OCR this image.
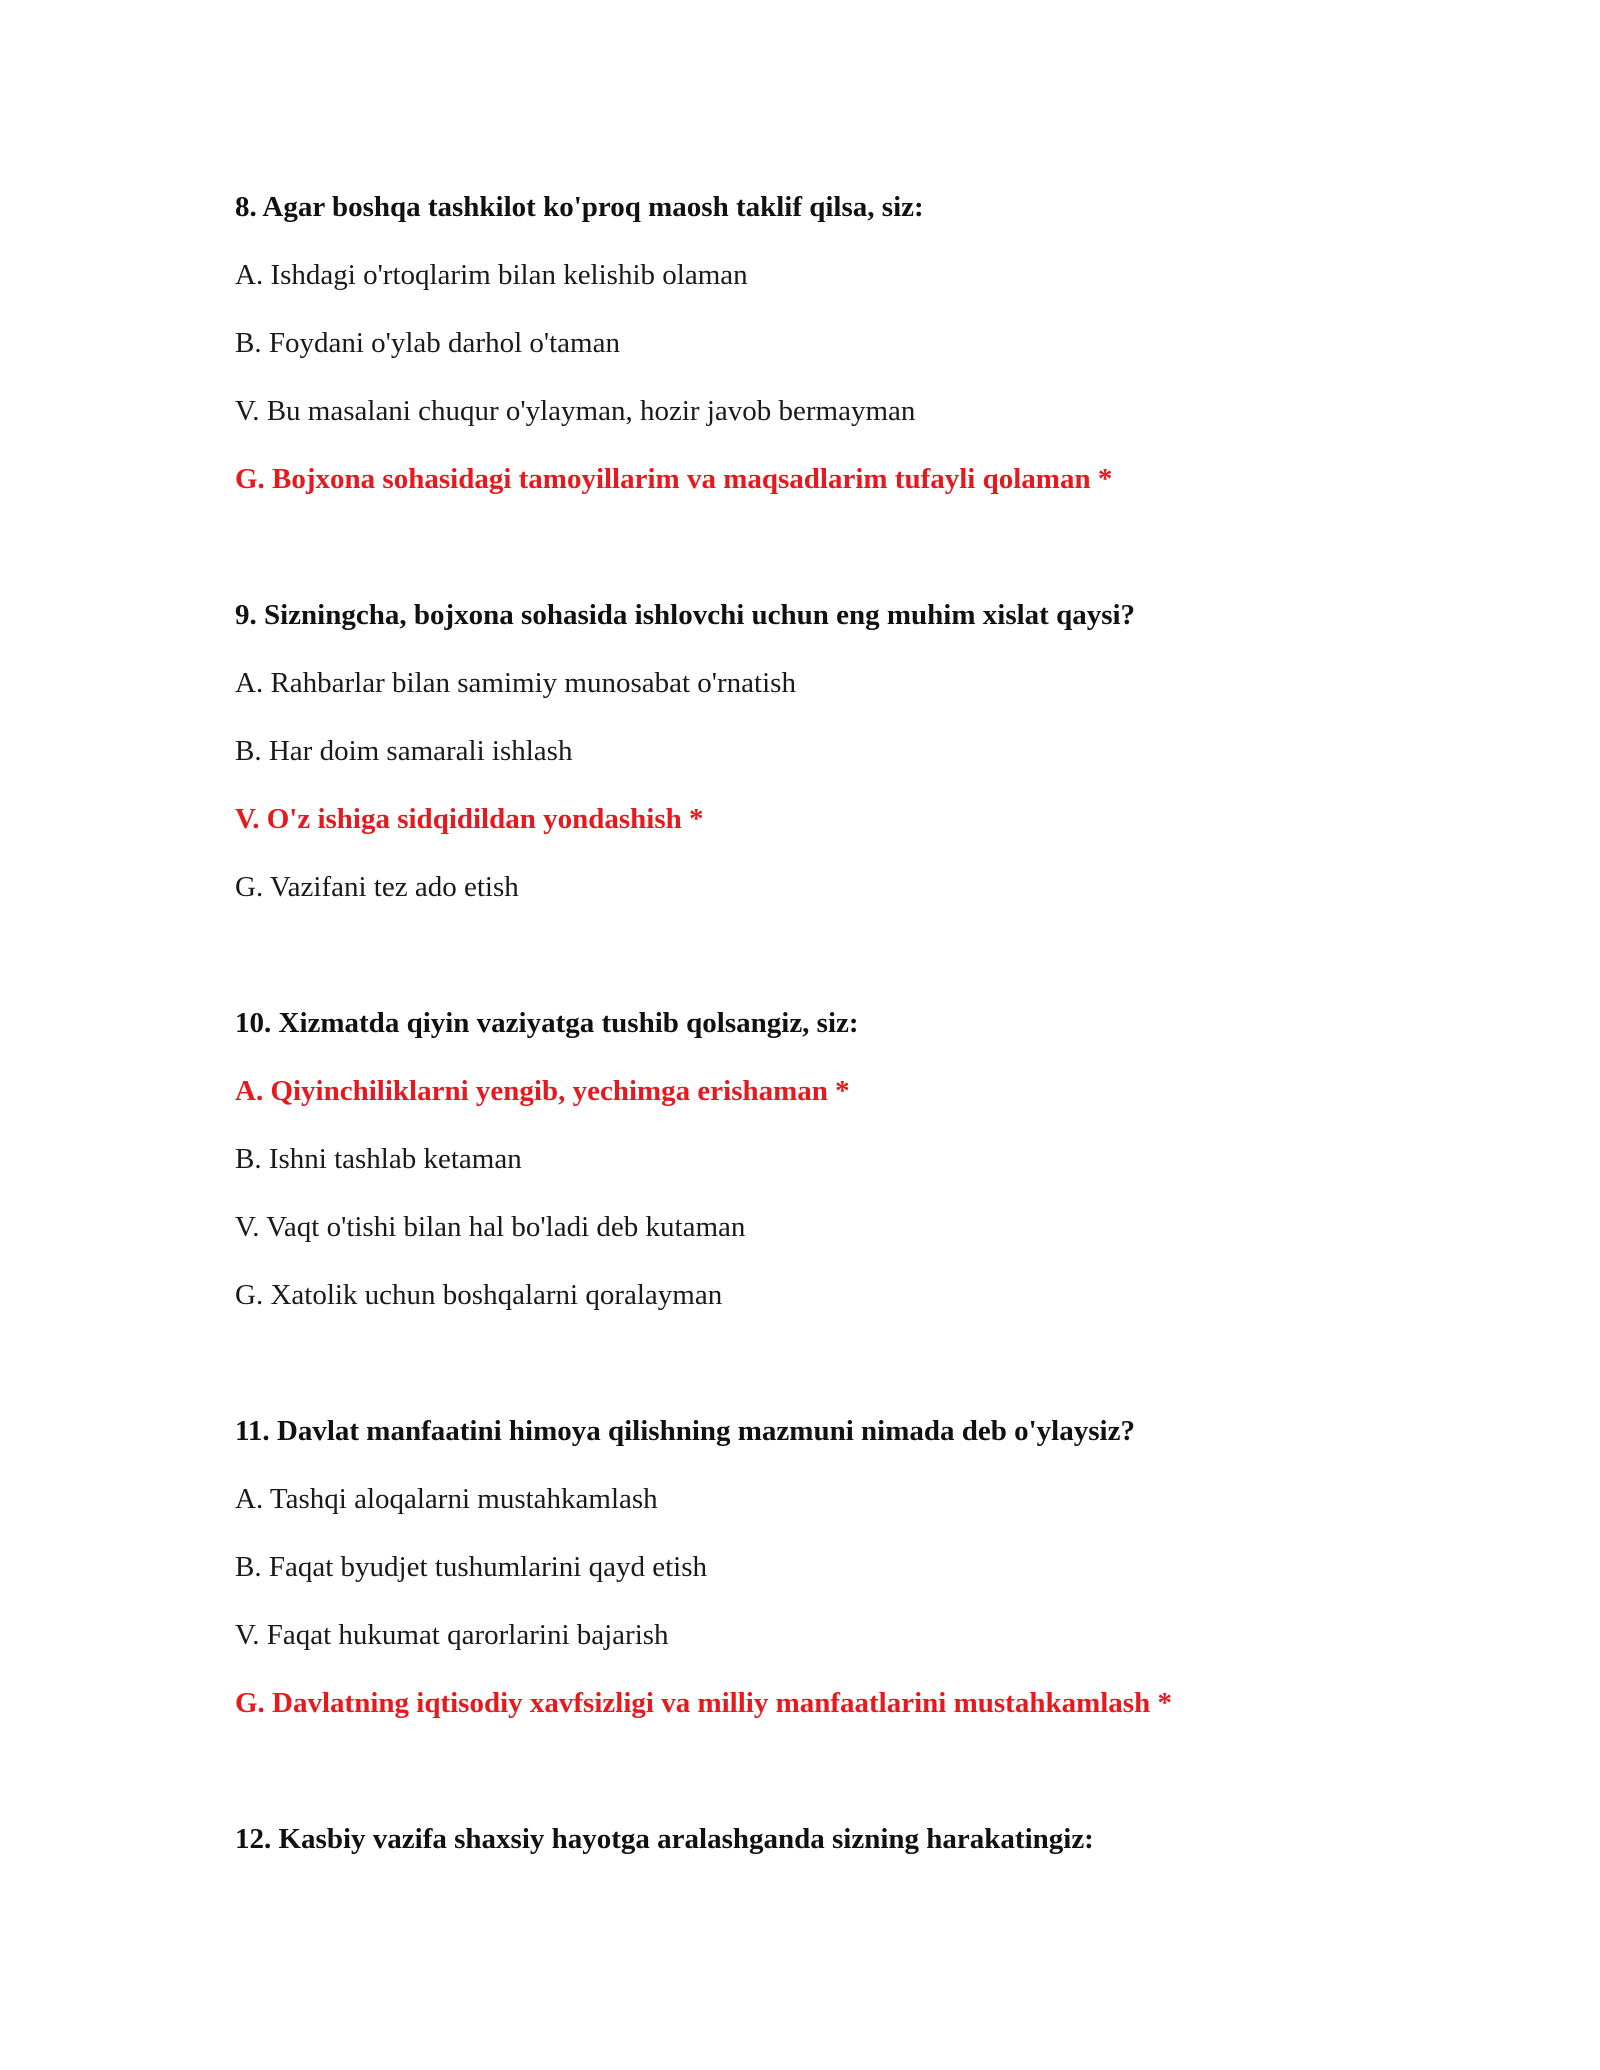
8. Agar boshqa tashkilot ko'proq maosh taklif qilsa, siz:

A. Ishdagi o'rtoqlarim bilan kelishib olaman

B. Foydani o'ylab darhol o'taman

V. Bu masalani chuqur o'ylayman, hozir javob bermayman

G. Bojxona sohasidagi tamoyillarim va maqsadlarim tufayli qolaman *

9. Sizningcha, bojxona sohasida ishlovchi uchun eng muhim xislat qaysi?

A. Rahbarlar bilan samimiy munosabat o'rnatish

B. Har doim samarali ishlash

V. O'z ishiga sidqidildan yondashish *

G. Vazifani tez ado etish

10. Xizmatda qiyin vaziyatga tushib qolsangiz, siz:

A. Qiyinchiliklarni yengib, yechimga erishaman *

B. Ishni tashlab ketaman

V. Vaqt o'tishi bilan hal bo'ladi deb kutaman

G. Xatolik uchun boshqalarni qoralayman

11. Davlat manfaatini himoya qilishning mazmuni nimada deb o'ylaysiz?

A. Tashqi aloqalarni mustahkamlash

B. Faqat byudjet tushumlarini qayd etish

V. Faqat hukumat qarorlarini bajarish

G. Davlatning iqtisodiy xavfsizligi va milliy manfaatlarini mustahkamlash *

12. Kasbiy vazifa shaxsiy hayotga aralashganda sizning harakatingiz:
